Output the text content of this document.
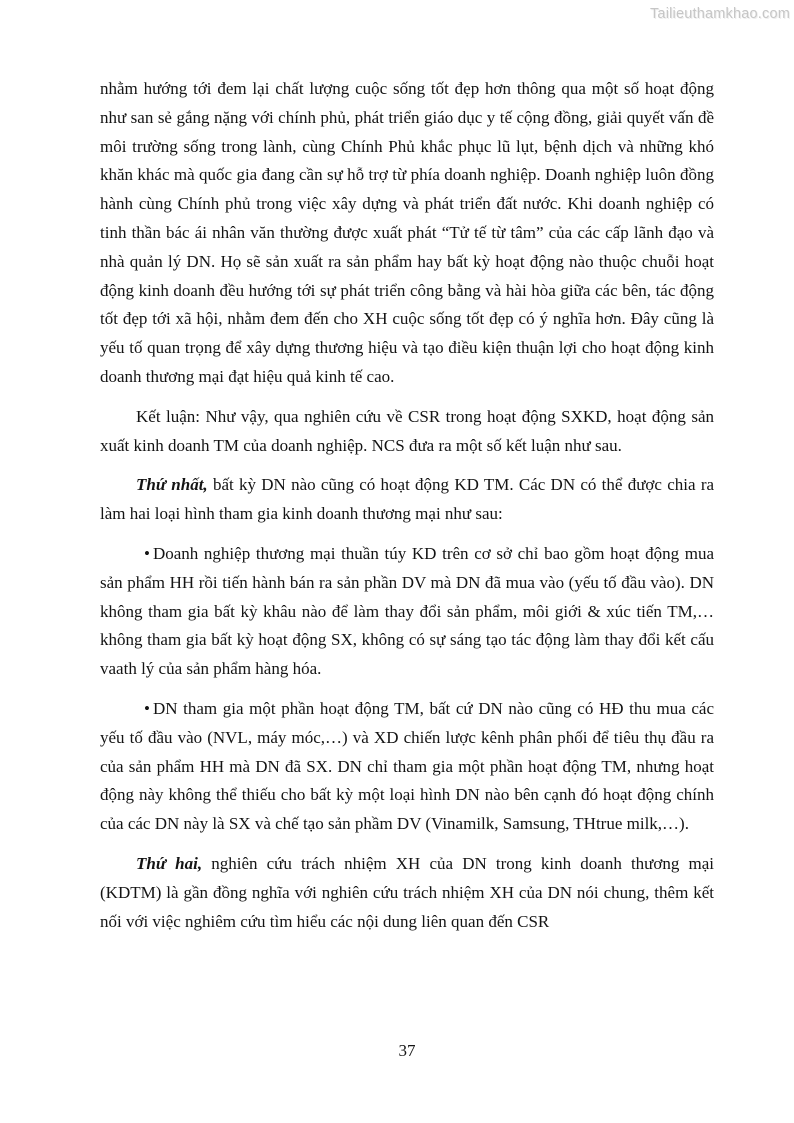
Tailieuthamkhao.com

nhằm hướng tới đem lại chất lượng cuộc sống tốt đẹp hơn thông qua một số hoạt động như san sẻ gắng nặng với chính phủ, phát triển giáo dục y tế cộng đồng, giải quyết vấn đề môi trường sống trong lành, cùng Chính Phủ khắc phục lũ lụt, bệnh dịch và những khó khăn khác mà quốc gia đang cần sự hỗ trợ từ phía doanh nghiệp. Doanh nghiệp luôn đồng hành cùng Chính phủ trong việc xây dựng và phát triển đất nước. Khi doanh nghiệp có tinh thần bác ái nhân văn thường được xuất phát “Tử tế từ tâm” của các cấp lãnh đạo và nhà quản lý DN. Họ sẽ sản xuất ra sản phẩm hay bất kỳ hoạt động nào thuộc chuỗi hoạt động kinh doanh đều hướng tới sự phát triển công bằng và hài hòa giữa các bên, tác động tốt đẹp tới xã hội, nhằm đem đến cho XH cuộc sống tốt đẹp có ý nghĩa hơn. Đây cũng là yếu tố quan trọng để xây dựng thương hiệu và tạo điều kiện thuận lợi cho hoạt động kinh doanh thương mại đạt hiệu quả kinh tế cao.

Kết luận: Như vậy, qua nghiên cứu về CSR trong hoạt động SXKD, hoạt động sản xuất kinh doanh TM của doanh nghiệp. NCS đưa ra một số kết luận như sau.

Thứ nhất, bất kỳ DN nào cũng có hoạt động KD TM. Các DN có thể được chia ra làm hai loại hình tham gia kinh doanh thương mại như sau:

• Doanh nghiệp thương mại thuần túy KD trên cơ sở chỉ bao gồm hoạt động mua sản phẩm HH rồi tiến hành bán ra sản phần DV mà DN đã mua vào (yếu tố đầu vào). DN không tham gia bất kỳ khâu nào để làm thay đổi sản phẩm, môi giới & xúc tiến TM,… không tham gia bất kỳ hoạt động SX, không có sự sáng tạo tác động làm thay đổi kết cấu vaath lý của sản phẩm hàng hóa.

• DN tham gia một phần hoạt động TM, bất cứ DN nào cũng có HĐ thu mua các yếu tố đầu vào (NVL, máy móc,…) và XD chiến lược kênh phân phối để tiêu thụ đầu ra của sản phẩm HH mà DN đã SX. DN chỉ tham gia một phần hoạt động TM, nhưng hoạt động này không thể thiếu cho bất kỳ một loại hình DN nào bên cạnh đó hoạt động chính của các DN này là SX và chế tạo sản phầm DV (Vinamilk, Samsung, THtrue milk,…).

Thứ hai, nghiên cứu trách nhiệm XH của DN trong kinh doanh thương mại (KDTM) là gần đồng nghĩa với nghiên cứu trách nhiệm XH của DN nói chung, thêm kết nối với việc nghiêm cứu tìm hiểu các nội dung liên quan đến CSR

37
